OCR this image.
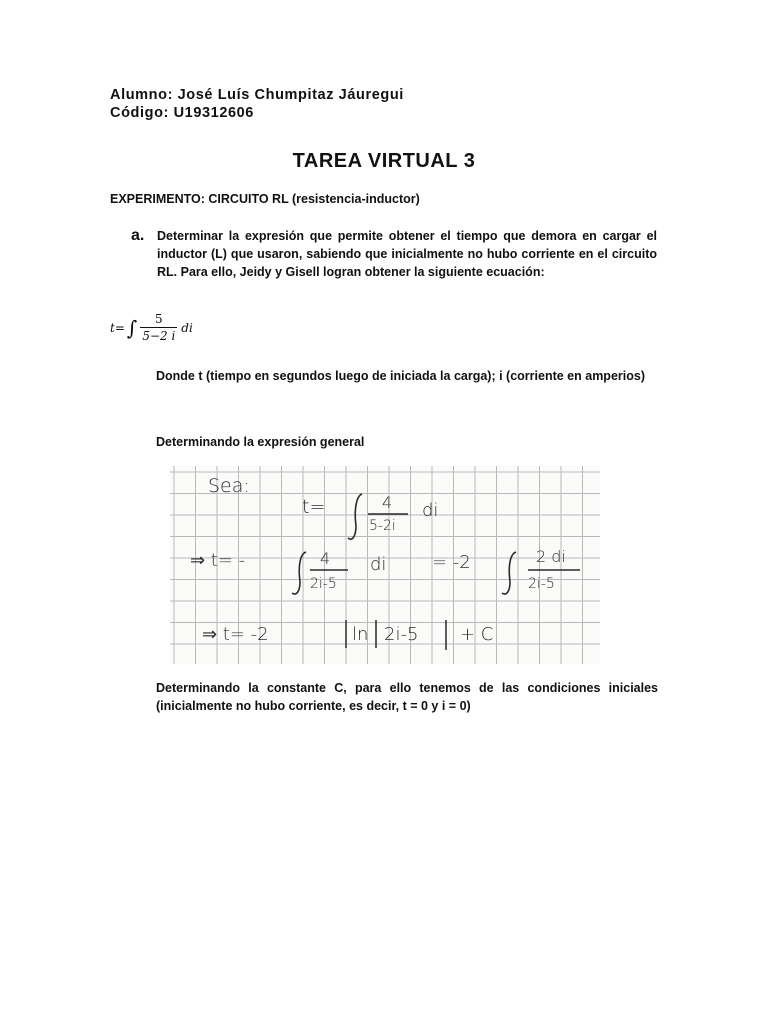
Alumno: José Luís Chumpitaz Jáuregui
Código: U19312606
TAREA VIRTUAL 3
EXPERIMENTO: CIRCUITO RL (resistencia-inductor)
a. Determinar la expresión que permite obtener el tiempo que demora en cargar el inductor (L) que usaron, sabiendo que inicialmente no hubo corriente en el circuito RL. Para ello, Jeidy y Gisell logran obtener la siguiente ecuación:
t= ∫ $\frac{5}{5-2 i}$ di
Donde t (tiempo en segundos luego de iniciada la carga); i (corriente en amperios)
Determinando la expresión general
Sea:
t=	4
5-2i
di
⇒ t= -	4
2i-5
di	= -2	2 di
2i-5
⇒ t= -2	ln 2i-5 + C
Determinando la constante C, para ello tenemos de las condiciones iniciales (inicialmente no hubo corriente, es decir, t = 0 y i = 0)
